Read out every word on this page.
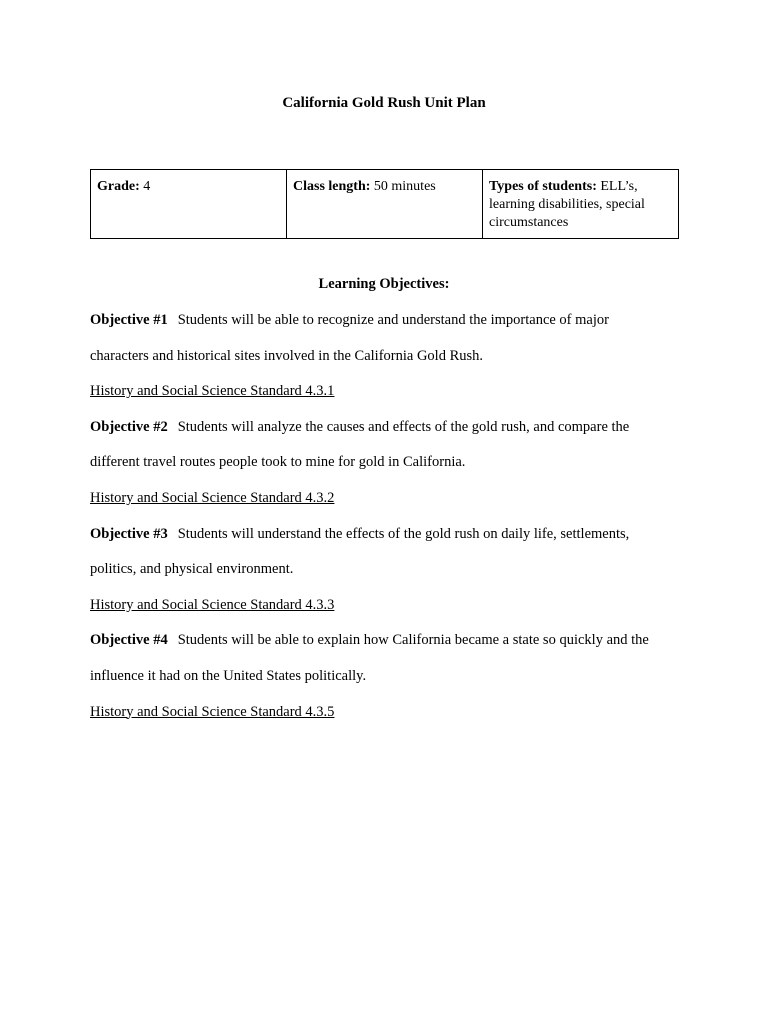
California Gold Rush Unit Plan
Grade: 4	Class length: 50 minutes	Types of students: ELL’s, learning disabilities, special circumstances
Learning Objectives:
Objective #1 Students will be able to recognize and understand the importance of major
characters and historical sites involved in the California Gold Rush.
History and Social Science Standard 4.3.1
Objective #2 Students will analyze the causes and effects of the gold rush, and compare the
different travel routes people took to mine for gold in California.
History and Social Science Standard 4.3.2
Objective #3 Students will understand the effects of the gold rush on daily life, settlements,
politics, and physical environment.
History and Social Science Standard 4.3.3
Objective #4 Students will be able to explain how California became a state so quickly and the
influence it had on the United States politically.
History and Social Science Standard 4.3.5
